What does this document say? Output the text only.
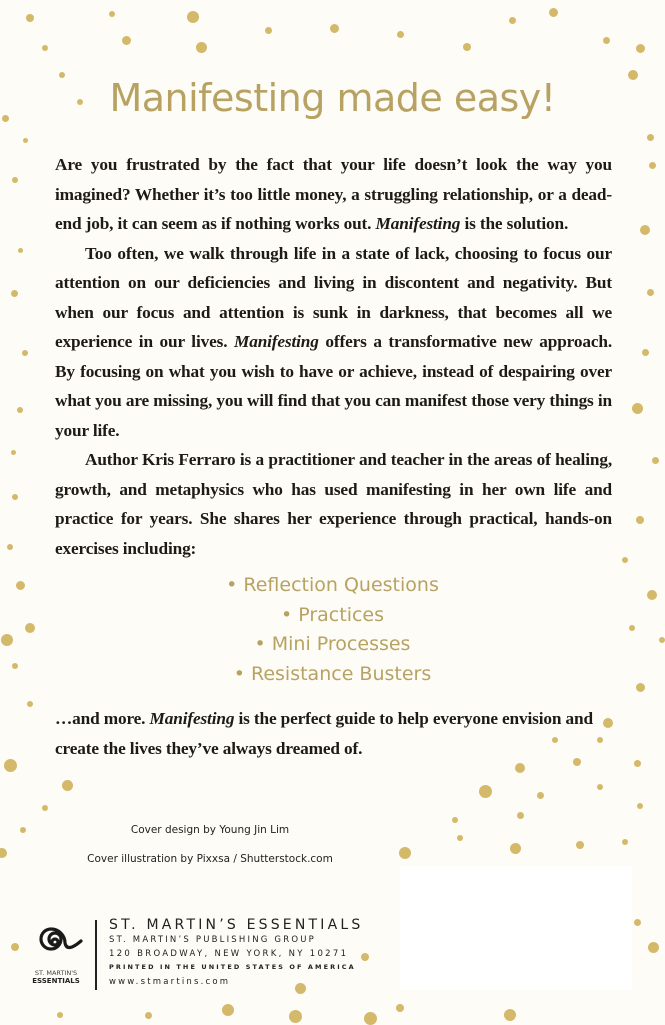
Manifesting made easy!

Are you frustrated by the fact that your life doesn’t look the way you imagined? Whether it’s too little money, a struggling relationship, or a dead-end job, it can seem as if nothing works out. Manifesting is the solution.

Too often, we walk through life in a state of lack, choosing to focus our attention on our deficiencies and living in discontent and negativity. But when our focus and attention is sunk in darkness, that becomes all we experience in our lives. Manifesting offers a transformative new approach. By focusing on what you wish to have or achieve, instead of despairing over what you are missing, you will find that you can manifest those very things in your life.

Author Kris Ferraro is a practitioner and teacher in the areas of healing, growth, and metaphysics who has used manifesting in her own life and practice for years. She shares her experience through practical, hands-on exercises including:

• Reflection Questions
• Practices
• Mini Processes
• Resistance Busters
…and more. Manifesting is the perfect guide to help everyone envision and create the lives they’ve always dreamed of.
Cover design by Young Jin Lim
Cover illustration by Pixxsa / Shutterstock.com
ST. MARTIN'S
ESSENTIALS
ST. MARTIN’S ESSENTIALS
ST. MARTIN’S PUBLISHING GROUP
120 BROADWAY, NEW YORK, NY 10271
PRINTED IN THE UNITED STATES OF AMERICA
www.stmartins.com
